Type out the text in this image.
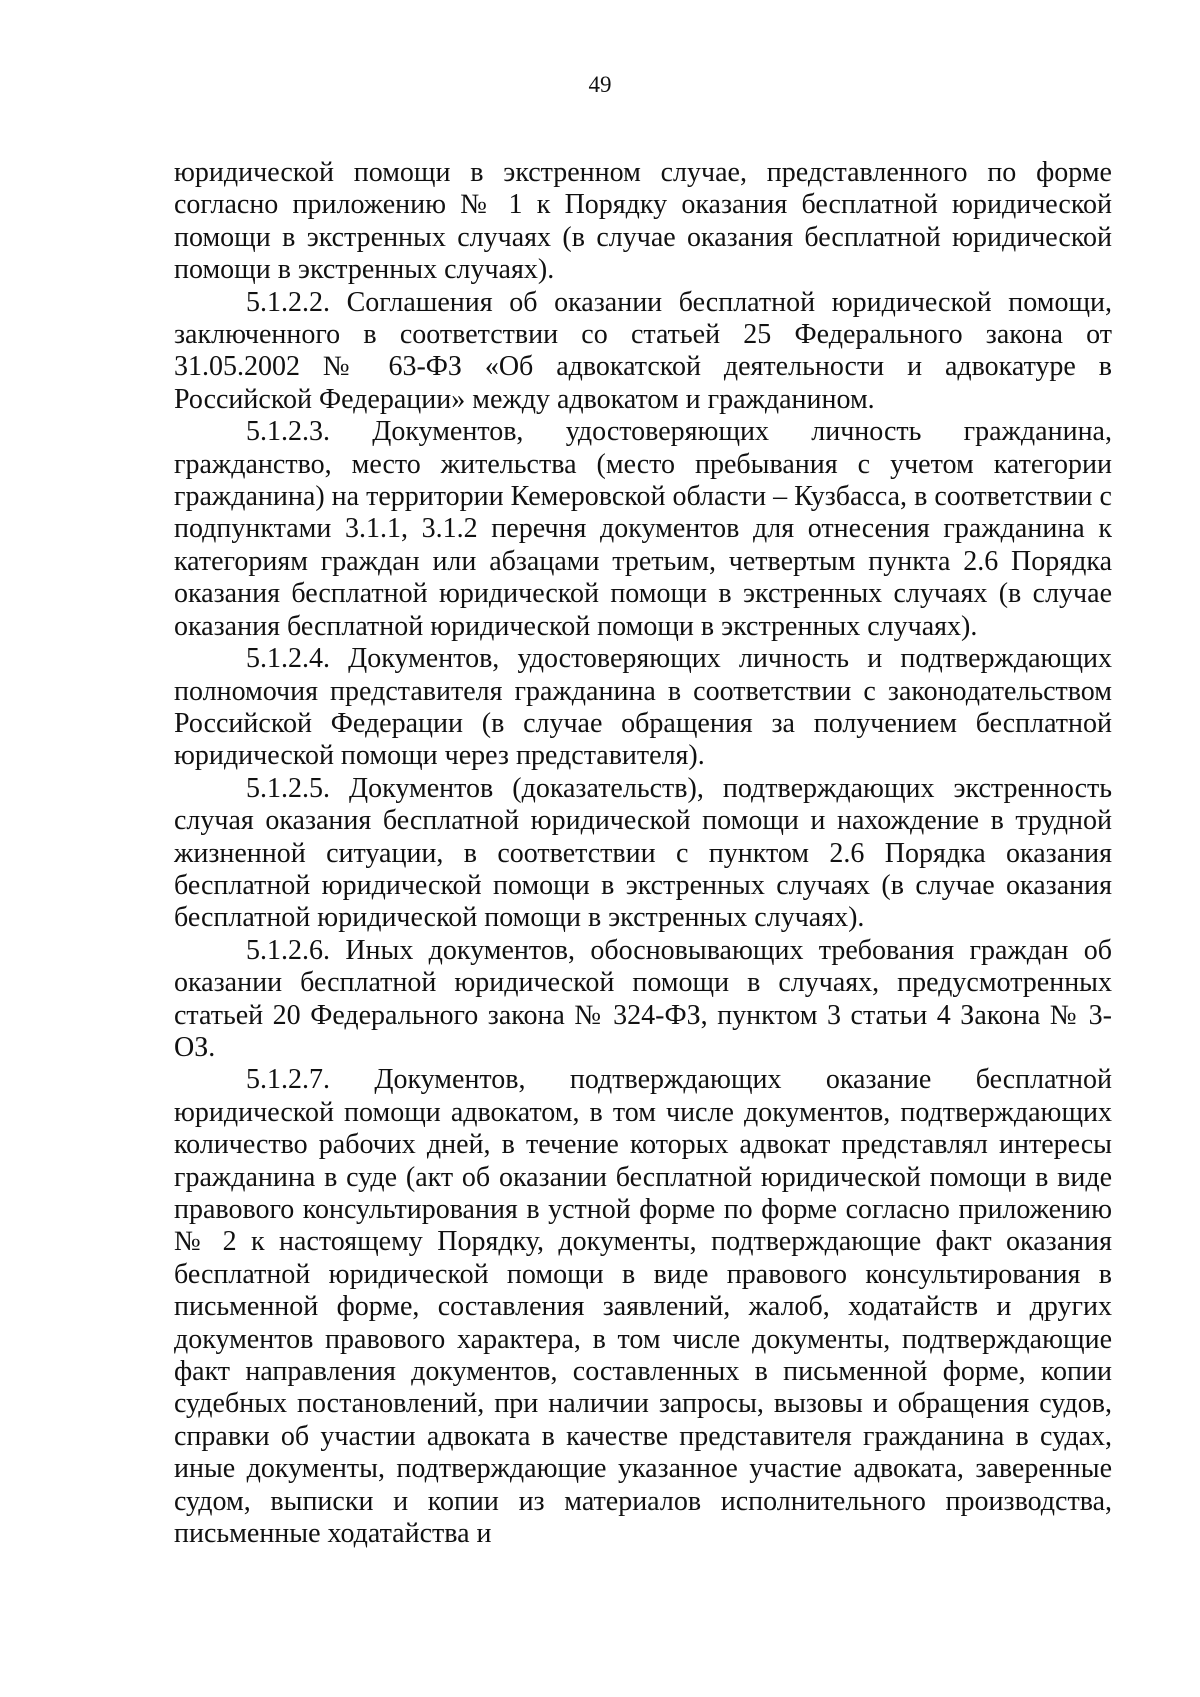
49

юридической помощи в экстренном случае, представленного по форме согласно приложению № 1 к Порядку оказания бесплатной юридической помощи в экстренных случаях (в случае оказания бесплатной юридической помощи в экстренных случаях).

5.1.2.2. Соглашения об оказании бесплатной юридической помощи, заключенного в соответствии со статьей 25 Федерального закона от 31.05.2002 № 63-ФЗ «Об адвокатской деятельности и адвокатуре в Российской Федерации» между адвокатом и гражданином.

5.1.2.3. Документов, удостоверяющих личность гражданина, гражданство, место жительства (место пребывания с учетом категории гражданина) на территории Кемеровской области – Кузбасса, в соответствии с подпунктами 3.1.1, 3.1.2 перечня документов для отнесения гражданина к категориям граждан или абзацами третьим, четвертым пункта 2.6 Порядка оказания бесплатной юридической помощи в экстренных случаях (в случае оказания бесплатной юридической помощи в экстренных случаях).

5.1.2.4. Документов, удостоверяющих личность и подтверждающих полномочия представителя гражданина в соответствии с законодательством Российской Федерации (в случае обращения за получением бесплатной юридической помощи через представителя).

5.1.2.5. Документов (доказательств), подтверждающих экстренность случая оказания бесплатной юридической помощи и нахождение в трудной жизненной ситуации, в соответствии с пунктом 2.6 Порядка оказания бесплатной юридической помощи в экстренных случаях (в случае оказания бесплатной юридической помощи в экстренных случаях).

5.1.2.6. Иных документов, обосновывающих требования граждан об оказании бесплатной юридической помощи в случаях, предусмотренных статьей 20 Федерального закона № 324-ФЗ, пунктом 3 статьи 4 Закона № 3-ОЗ.

5.1.2.7. Документов, подтверждающих оказание бесплатной юридической помощи адвокатом, в том числе документов, подтверждающих количество рабочих дней, в течение которых адвокат представлял интересы гражданина в суде (акт об оказании бесплатной юридической помощи в виде правового консультирования в устной форме по форме согласно приложению № 2 к настоящему Порядку, документы, подтверждающие факт оказания бесплатной юридической помощи в виде правового консультирования в письменной форме, составления заявлений, жалоб, ходатайств и других документов правового характера, в том числе документы, подтверждающие факт направления документов, составленных в письменной форме, копии судебных постановлений, при наличии запросы, вызовы и обращения судов, справки об участии адвоката в качестве представителя гражданина в судах, иные документы, подтверждающие указанное участие адвоката, заверенные судом, выписки и копии из материалов исполнительного производства, письменные ходатайства и
